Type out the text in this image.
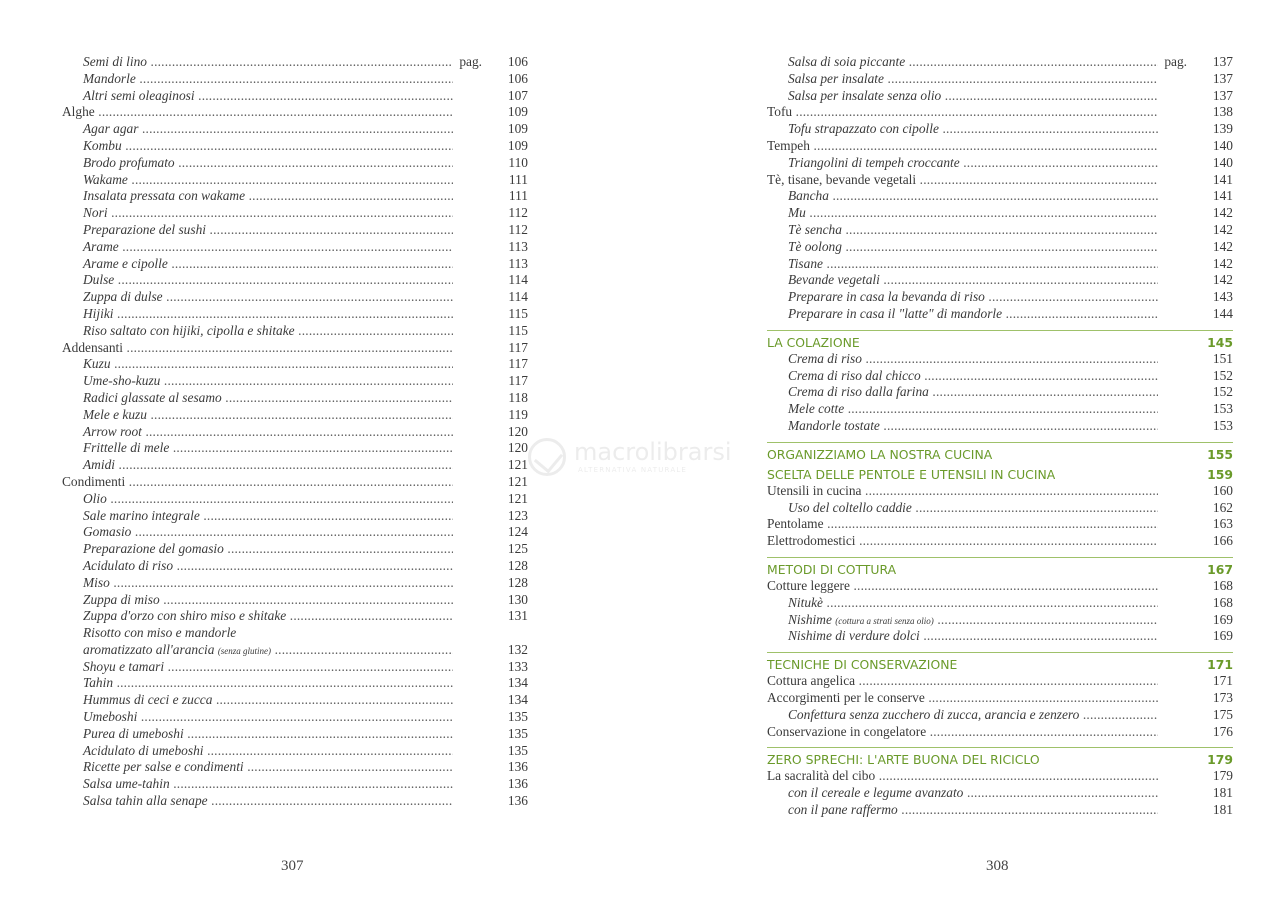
Semi di lino .....	pag.	106
Mandorle .....	106
Altri semi oleaginosi .....	107
Alghe .....	109
Agar agar .....	109
Kombu .....	109
Brodo profumato .....	110
Wakame .....	111
Insalata pressata con wakame .....	111
Nori .....	112
Preparazione del sushi .....	112
Arame .....	113
Arame e cipolle .....	113
Dulse .....	114
Zuppa di dulse .....	114
Hijiki .....	115
Riso saltato con hijiki, cipolla e shitake .....	115
Addensanti .....	117
Kuzu .....	117
Ume-sho-kuzu .....	117
Radici glassate al sesamo .....	118
Mele e kuzu .....	119
Arrow root .....	120
Frittelle di mele .....	120
Amidi .....	121
Condimenti .....	121
Olio .....	121
Sale marino integrale .....	123
Gomasio .....	124
Preparazione del gomasio .....	125
Acidulato di riso .....	128
Miso .....	128
Zuppa di miso .....	130
Zuppa d'orzo con shiro miso e shitake .....	131
Risotto con miso e mandorle
aromatizzato all'arancia (senza glutine) .....	132
Shoyu e tamari .....	133
Tahin .....	134
Hummus di ceci e zucca .....	134
Umeboshi .....	135
Purea di umeboshi .....	135
Acidulato di umeboshi .....	135
Ricette per salse e condimenti .....	136
Salsa ume-tahin .....	136
Salsa tahin alla senape .....	136
Salsa di soia piccante .....	pag.	137
Salsa per insalate .....	137
Salsa per insalate senza olio .....	137
Tofu .....	138
Tofu strapazzato con cipolle .....	139
Tempeh .....	140
Triangolini di tempeh croccante .....	140
Tè, tisane, bevande vegetali .....	141
Bancha .....	141
Mu .....	142
Tè sencha .....	142
Tè oolong .....	142
Tisane .....	142
Bevande vegetali .....	142
Preparare in casa la bevanda di riso .....	143
Preparare in casa il "latte" di mandorle .....	144
LA COLAZIONE	145
Crema di riso .....	151
Crema di riso dal chicco .....	152
Crema di riso dalla farina .....	152
Mele cotte .....	153
Mandorle tostate .....	153
ORGANIZZIAMO LA NOSTRA CUCINA	155
SCELTA DELLE PENTOLE E UTENSILI IN CUCINA	159
Utensili in cucina .....	160
Uso del coltello caddie .....	162
Pentolame .....	163
Elettrodomestici .....	166
METODI DI COTTURA	167
Cotture leggere .....	168
Nitukè .....	168
Nishime (cottura a strati senza olio) .....	169
Nishime di verdure dolci .....	169
TECNICHE DI CONSERVAZIONE	171
Cottura angelica .....	171
Accorgimenti per le conserve .....	173
Confettura senza zucchero di zucca, arancia e zenzero .....	175
Conservazione in congelatore .....	176
ZERO SPRECHI: L'ARTE BUONA DEL RICICLO	179
La sacralità del cibo .....	179
con il cereale e legume avanzato .....	181
con il pane raffermo .....	181
307	308
macrolibrarsi
ALTERNATIVA NATURALE
